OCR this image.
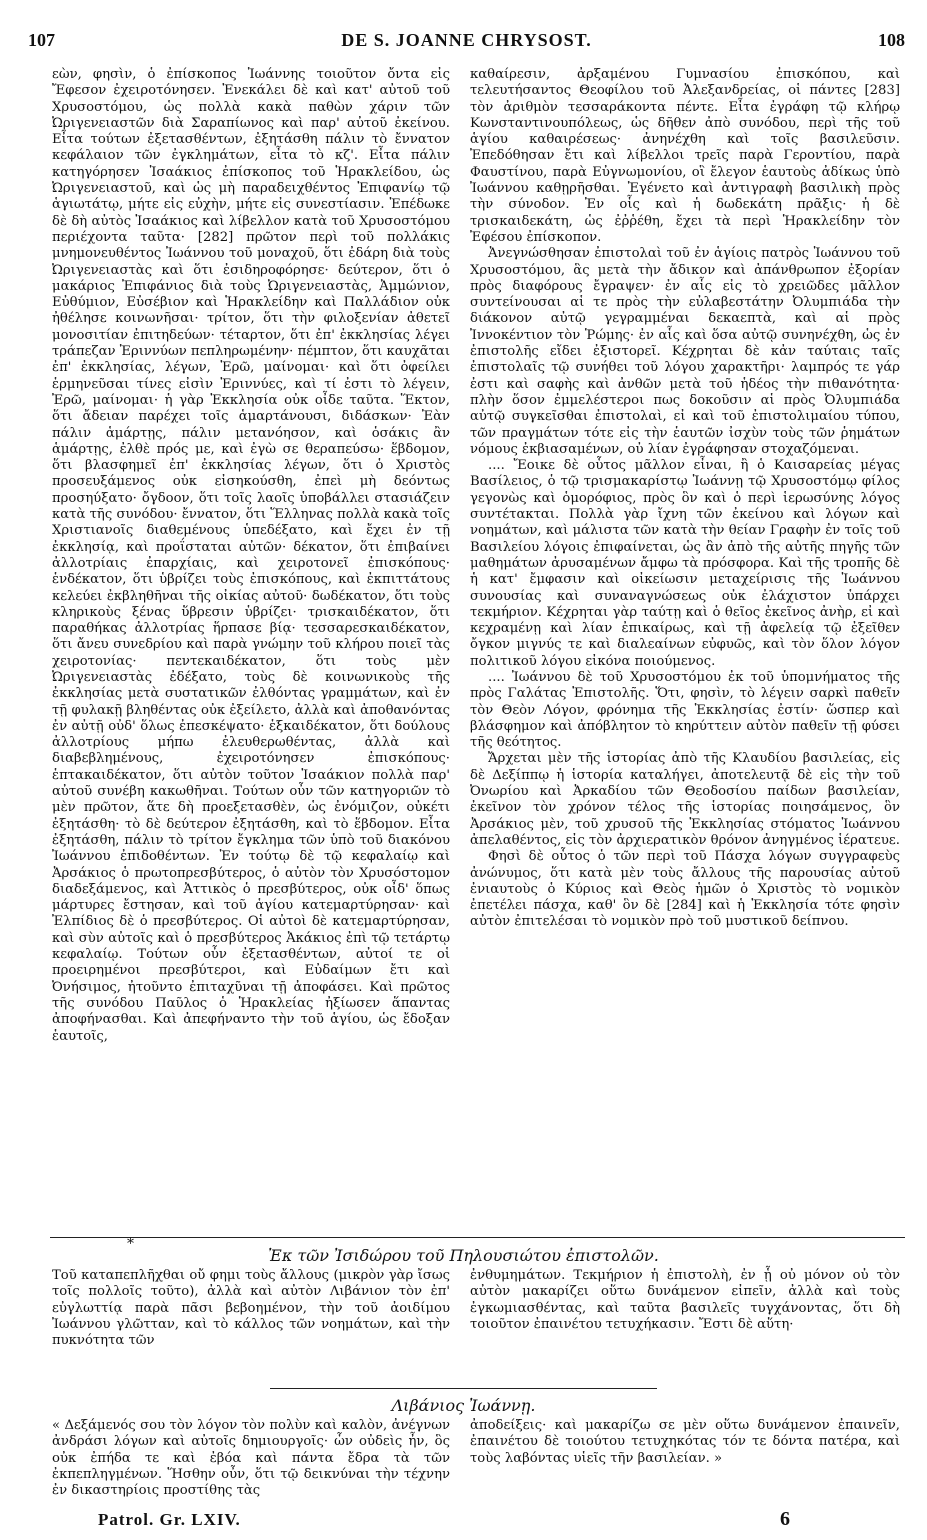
107	DE S. JOANNE CHRYSOST.	108

εὼν, φησὶν, ὁ ἐπίσκοπος Ἰωάννης τοιοῦτον ὄντα εἰς Ἔφεσον ἐχειροτόνησεν. Ἐνεκάλει δὲ καὶ κατ' αὐτοῦ τοῦ Χρυσοστόμου, ὡς πολλὰ κακὰ παθὼν χάριν τῶν Ὠριγενειαστῶν διὰ Σαραπίωνος καὶ παρ' αὐτοῦ ἐκείνου. Εἶτα τούτων ἐξετασθέντων, ἐξητάσθη πάλιν τὸ ἔννατον κεφάλαιον τῶν ἐγκλημάτων, εἶτα τὸ κζ'. Εἶτα πάλιν κατηγόρησεν Ἰσαάκιος ἐπίσκοπος τοῦ Ἡρακλείδου, ὡς Ὠριγενειαστοῦ, καὶ ὡς μὴ παραδειχθέντος Ἐπιφανίῳ τῷ ἁγιωτάτῳ, μήτε εἰς εὐχὴν, μήτε εἰς συνεστίασιν. Ἐπέδωκε δὲ δὴ αὐτὸς Ἰσαάκιος καὶ λίβελλον κατὰ τοῦ Χρυσοστόμου περιέχοντα ταῦτα· [282] πρῶτον περὶ τοῦ πολλάκις μνημονευθέντος Ἰωάννου τοῦ μοναχοῦ, ὅτι ἐδάρη διὰ τοὺς Ὠριγενειαστὰς καὶ ὅτι ἐσιδηροφόρησε· δεύτερον, ὅτι ὁ μακάριος Ἐπιφάνιος διὰ τοὺς Ὠριγενειαστὰς, Ἀμμώνιον, Εὐθύμιον, Εὐσέβιον καὶ Ἡρακλείδην καὶ Παλλάδιον οὐκ ἠθέλησε κοινωνῆσαι· τρίτον, ὅτι τὴν φιλοξενίαν ἀθετεῖ μονοσιτίαν ἐπιτηδεύων· τέταρτον, ὅτι ἐπ' ἐκκλησίας λέγει τράπεζαν Ἐριννύων πεπληρωμένην· πέμπτον, ὅτι καυχᾶται ἐπ' ἐκκλησίας, λέγων, Ἐρῶ, μαίνομαι· καὶ ὅτι ὀφείλει ἑρμηνεῦσαι τίνες εἰσὶν Ἐριννύες, καὶ τί ἐστι τὸ λέγειν, Ἐρῶ, μαίνομαι· ἡ γὰρ Ἐκκλησία οὐκ οἶδε ταῦτα. Ἕκτον, ὅτι ἄδειαν παρέχει τοῖς ἁμαρτάνουσι, διδάσκων· Ἐὰν πάλιν ἁμάρτῃς, πάλιν μετανόησον, καὶ ὁσάκις ἂν ἁμάρτῃς, ἐλθὲ πρός με, καὶ ἐγὼ σε θεραπεύσω· ἕβδομον, ὅτι βλασφημεῖ ἐπ' ἐκκλησίας λέγων, ὅτι ὁ Χριστὸς προσευξάμενος οὐκ εἰσηκούσθη, ἐπεὶ μὴ δεόντως προσηύξατο· ὄγδοον, ὅτι τοῖς λαοῖς ὑποβάλλει στασιάζειν κατὰ τῆς συνόδου· ἔννατον, ὅτι Ἕλληνας πολλὰ κακὰ τοῖς Χριστιανοῖς διαθεμένους ὑπεδέξατο, καὶ ἔχει ἐν τῇ ἐκκλησίᾳ, καὶ προΐσταται αὐτῶν· δέκατον, ὅτι ἐπιβαίνει ἀλλοτρίαις ἐπαρχίαις, καὶ χειροτονεῖ ἐπισκόπους· ἑνδέκατον, ὅτι ὑβρίζει τοὺς ἐπισκόπους, καὶ ἐκπιττάτους κελεύει ἐκβληθῆναι τῆς οἰκίας αὐτοῦ· δωδέκατον, ὅτι τοὺς κληρικοὺς ξένας ὕβρεσιν ὑβρίζει· τρισκαιδέκατον, ὅτι παραθήκας ἀλλοτρίας ἥρπασε βίᾳ· τεσσαρεσκαιδέκατον, ὅτι ἄνευ συνεδρίου καὶ παρὰ γνώμην τοῦ κλήρου ποιεῖ τὰς χειροτονίας· πεντεκαιδέκατον, ὅτι τοὺς μὲν Ὠριγενειαστὰς ἐδέξατο, τοὺς δὲ κοινωνικοὺς τῆς ἐκκλησίας μετὰ συστατικῶν ἐλθόντας γραμμάτων, καὶ ἐν τῇ φυλακῇ βληθέντας οὐκ ἐξείλετο, ἀλλὰ καὶ ἀποθανόντας ἐν αὐτῇ οὐδ' ὅλως ἐπεσκέψατο· ἑξκαιδέκατον, ὅτι δούλους ἀλλοτρίους μήπω ἐλευθερωθέντας, ἀλλὰ καὶ διαβεβλημένους, ἐχειροτόνησεν ἐπισκόπους· ἑπτακαιδέκατον, ὅτι αὐτὸν τοῦτον Ἰσαάκιον πολλὰ παρ' αὐτοῦ συνέβη κακωθῆναι. Τούτων οὖν τῶν κατηγοριῶν τὸ μὲν πρῶτον, ἅτε δὴ προεξετασθὲν, ὡς ἐνόμιζον, οὐκέτι ἐξητάσθη· τὸ δὲ δεύτερον ἐξητάσθη, καὶ τὸ ἕβδομον. Εἶτα ἐξητάσθη, πάλιν τὸ τρίτον ἔγκλημα τῶν ὑπὸ τοῦ διακόνου Ἰωάννου ἐπιδοθέντων. Ἐν τούτῳ δὲ τῷ κεφαλαίῳ καὶ Ἀρσάκιος ὁ πρωτοπρεσβύτερος, ὁ αὐτὸν τὸν Χρυσόστομον διαδεξάμενος, καὶ Ἀττικὸς ὁ πρεσβύτερος, οὐκ οἶδ' ὅπως μάρτυρες ἔστησαν, καὶ τοῦ ἁγίου κατεμαρτύρησαν· καὶ Ἐλπίδιος δὲ ὁ πρεσβύτερος. Οἱ αὐτοὶ δὲ κατεμαρτύρησαν, καὶ σὺν αὐτοῖς καὶ ὁ πρεσβύτερος Ἀκάκιος ἐπὶ τῷ τετάρτῳ κεφαλαίῳ. Τούτων οὖν ἐξετασθέντων, αὐτοί τε οἱ προειρημένοι πρεσβύτεροι, καὶ Εὐδαίμων ἔτι καὶ Ὀνήσιμος, ἠτοῦντο ἐπιταχῦναι τῇ ἀποφάσει. Καὶ πρῶτος τῆς συνόδου Παῦλος ὁ Ἡρακλείας ἠξίωσεν ἅπαντας ἀποφήνασθαι. Καὶ ἀπεφήναντο τὴν τοῦ ἁγίου, ὡς ἔδοξαν ἑαυτοῖς,

καθαίρεσιν, ἀρξαμένου Γυμνασίου ἐπισκόπου, καὶ τελευτήσαντος Θεοφίλου τοῦ Ἀλεξανδρείας, οἱ πάντες [283] τὸν ἀριθμὸν τεσσαράκοντα πέντε. Εἶτα ἐγράφη τῷ κλήρῳ Κωνσταντινουπόλεως, ὡς δῆθεν ἀπὸ συνόδου, περὶ τῆς τοῦ ἁγίου καθαιρέσεως· ἀνηνέχθη καὶ τοῖς βασιλεῦσιν. Ἐπεδόθησαν ἔτι καὶ λίβελλοι τρεῖς παρὰ Γεροντίου, παρὰ Φαυστίνου, παρὰ Εὐγνωμονίου, οἳ ἔλεγον ἑαυτοὺς ἀδίκως ὑπὸ Ἰωάννου καθῃρῆσθαι. Ἐγένετο καὶ ἀντιγραφὴ βασιλικὴ πρὸς τὴν σύνοδον. Ἐν οἷς καὶ ἡ δωδεκάτη πρᾶξις· ἡ δὲ τρισκαιδεκάτη, ὡς ἐῤῥέθη, ἔχει τὰ περὶ Ἡρακλείδην τὸν Ἐφέσου ἐπίσκοπον.

Ἀνεγνώσθησαν ἐπιστολαὶ τοῦ ἐν ἁγίοις πατρὸς Ἰωάννου τοῦ Χρυσοστόμου, ἃς μετὰ τὴν ἄδικον καὶ ἀπάνθρωπον ἐξορίαν πρὸς διαφόρους ἔγραψεν· ἐν αἷς εἰς τὸ χρειῶδες μᾶλλον συντείνουσαι αἱ τε πρὸς τὴν εὐλαβεστάτην Ὀλυμπιάδα τὴν διάκονον αὐτῷ γεγραμμέναι δεκαεπτὰ, καὶ αἱ πρὸς Ἰννοκέντιον τὸν Ῥώμης· ἐν αἷς καὶ ὅσα αὐτῷ συνηνέχθη, ὡς ἐν ἐπιστολῆς εἴδει ἐξιστορεῖ. Κέχρηται δὲ κἀν ταύταις ταῖς ἐπιστολαῖς τῷ συνήθει τοῦ λόγου χαρακτῆρι· λαμπρός τε γάρ ἐστι καὶ σαφὴς καὶ ἀνθῶν μετὰ τοῦ ἡδέος τὴν πιθανότητα· πλὴν ὅσον ἐμμελέστεροι πως δοκοῦσιν αἱ πρὸς Ὀλυμπιάδα αὐτῷ συγκεῖσθαι ἐπιστολαὶ, εἰ καὶ τοῦ ἐπιστολιμαίου τύπου, τῶν πραγμάτων τότε εἰς τὴν ἑαυτῶν ἰσχὺν τοὺς τῶν ῥημάτων νόμους ἐκβιασαμένων, οὐ λίαν ἐγράφησαν στοχαζόμεναι.

.... Ἔοικε δὲ οὗτος μᾶλλον εἶναι, ἢ ὁ Καισαρείας μέγας Βασίλειος, ὁ τῷ τρισμακαρίστῳ Ἰωάννῃ τῷ Χρυσοστόμῳ φίλος γεγονὼς καὶ ὁμορόφιος, πρὸς ὃν καὶ ὁ περὶ ἱερωσύνης λόγος συντέτακται. Πολλὰ γὰρ ἴχνη τῶν ἐκείνου καὶ λόγων καὶ νοημάτων, καὶ μάλιστα τῶν κατὰ τὴν θείαν Γραφὴν ἐν τοῖς τοῦ Βασιλείου λόγοις ἐπιφαίνεται, ὡς ἂν ἀπὸ τῆς αὐτῆς πηγῆς τῶν μαθημάτων ἀρυσαμένων ἄμφω τὰ πρόσφορα. Καὶ τῆς τροπῆς δὲ ἡ κατ' ἔμφασιν καὶ οἰκείωσιν μεταχείρισις τῆς Ἰωάννου συνουσίας καὶ συναναγνώσεως οὐκ ἐλάχιστον ὑπάρχει τεκμήριον. Κέχρηται γὰρ ταύτῃ καὶ ὁ θεῖος ἐκεῖνος ἀνὴρ, εἰ καὶ κεχραμένῃ καὶ λίαν ἐπικαίρως, καὶ τῇ ἀφελείᾳ τῷ ἐξεῖθεν ὄγκον μιγνύς τε καὶ διαλεαίνων εὐφυῶς, καὶ τὸν ὅλον λόγον πολιτικοῦ λόγου εἰκόνα ποιούμενος.

.... Ἰωάννου δὲ τοῦ Χρυσοστόμου ἐκ τοῦ ὑπομνήματος τῆς πρὸς Γαλάτας Ἐπιστολῆς. Ὅτι, φησὶν, τὸ λέγειν σαρκὶ παθεῖν τὸν Θεὸν Λόγον, φρόνημα τῆς Ἐκκλησίας ἐστίν· ὥσπερ καὶ βλάσφημον καὶ ἀπόβλητον τὸ κηρύττειν αὐτὸν παθεῖν τῇ φύσει τῆς θεότητος.

Ἄρχεται μὲν τῆς ἱστορίας ἀπὸ τῆς Κλαυδίου βασιλείας, εἰς δὲ Δεξίππῳ ἡ ἱστορία καταλήγει, ἀποτελευτᾷ δὲ εἰς τὴν τοῦ Ὀνωρίου καὶ Ἀρκαδίου τῶν Θεοδοσίου παίδων βασιλείαν, ἐκεῖνον τὸν χρόνον τέλος τῆς ἱστορίας ποιησάμενος, ὃν Ἀρσάκιος μὲν, τοῦ χρυσοῦ τῆς Ἐκκλησίας στόματος Ἰωάννου ἀπελαθέντος, εἰς τὸν ἀρχιερατικὸν θρόνον ἀνηγμένος ἱέρατευε.

Φησὶ δὲ οὗτος ὁ τῶν περὶ τοῦ Πάσχα λόγων συγγραφεὺς ἀνώνυμος, ὅτι κατὰ μὲν τοὺς ἄλλους τῆς παρουσίας αὐτοῦ ἐνιαυτοὺς ὁ Κύριος καὶ Θεὸς ἡμῶν ὁ Χριστὸς τὸ νομικὸν ἐπετέλει πάσχα, καθ' ὃν δὲ [284] καὶ ἡ Ἐκκλησία τότε φησὶν αὐτὸν ἐπιτελέσαι τὸ νομικὸν πρὸ τοῦ μυστικοῦ δείπνου.

*
Ἐκ τῶν Ἰσιδώρου τοῦ Πηλουσιώτου ἐπιστολῶν.
Τοῦ καταπεπλῆχθαι οὔ φημι τοὺς ἄλλους (μικρὸν γὰρ ἴσως τοῖς πολλοῖς τοῦτο), ἀλλὰ καὶ αὐτὸν Λιβάνιον τὸν ἐπ' εὐγλωττίᾳ παρὰ πᾶσι βεβοημένον, τὴν τοῦ ἀοιδίμου Ἰωάννου γλῶτταν, καὶ τὸ κάλλος τῶν νοημάτων, καὶ τὴν πυκνότητα τῶν
ἐνθυμημάτων. Τεκμήριον ἡ ἐπιστολὴ, ἐν ᾗ οὐ μόνον οὐ τὸν αὐτὸν μακαρίζει οὕτω δυνάμενον εἰπεῖν, ἀλλὰ καὶ τοὺς ἐγκωμιασθέντας, καὶ ταῦτα βασιλεῖς τυγχάνοντας, ὅτι δὴ τοιοῦτον ἐπαινέτου τετυχήκασιν. Ἔστι δὲ αὕτη·
Λιβάνιος Ἰωάννῃ.
« Δεξάμενός σου τὸν λόγον τὸν πολὺν καὶ καλὸν, ἀνέγνων ἀνδράσι λόγων καὶ αὐτοῖς δημιουργοῖς· ὧν οὐδεὶς ἦν, ὃς οὐκ ἐπήδα τε καὶ ἐβόα καὶ πάντα ἔδρα τὰ τῶν ἐκπεπληγμένων. Ἥσθην οὖν, ὅτι τῷ δεικνύναι τὴν τέχνην ἐν δικαστηρίοις προστίθης τὰς
ἀποδείξεις· καὶ μακαρίζω σε μὲν οὕτω δυνάμενον ἐπαινεῖν, ἐπαινέτου δὲ τοιούτου τετυχηκότας τόν τε δόντα πατέρα, καὶ τοὺς λαβόντας υἱεῖς τῆν βασιλείαν. »
Patrol. Gr. LXIV.	6
